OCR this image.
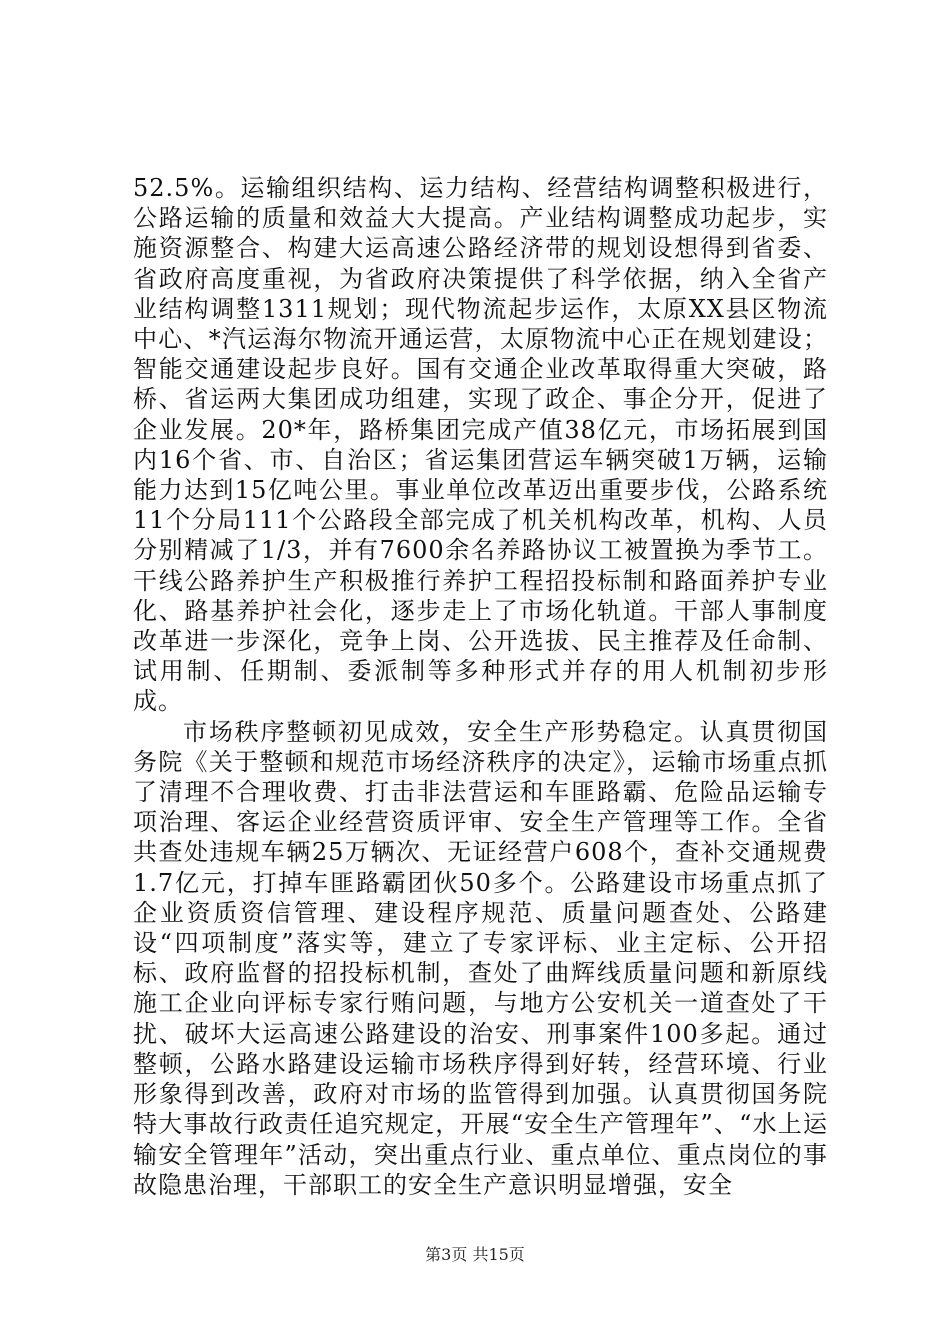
52.5%。运输组织结构、运力结构、经营结构调整积极进行，公路运输的质量和效益大大提高。产业结构调整成功起步，实施资源整合、构建大运高速公路经济带的规划设想得到省委、省政府高度重视，为省政府决策提供了科学依据，纳入全省产业结构调整1311规划；现代物流起步运作，太原XX县区物流中心、*汽运海尔物流开通运营，太原物流中心正在规划建设；智能交通建设起步良好。国有交通企业改革取得重大突破，路桥、省运两大集团成功组建，实现了政企、事企分开，促进了企业发展。20*年，路桥集团完成产值38亿元，市场拓展到国内16个省、市、自治区；省运集团营运车辆突破1万辆，运输能力达到15亿吨公里。事业单位改革迈出重要步伐，公路系统11个分局111个公路段全部完成了机关机构改革，机构、人员分别精减了1/3，并有7600余名养路协议工被置换为季节工。干线公路养护生产积极推行养护工程招投标制和路面养护专业化、路基养护社会化，逐步走上了市场化轨道。干部人事制度改革进一步深化，竞争上岗、公开选拔、民主推荐及任命制、试用制、任期制、委派制等多种形式并存的用人机制初步形成。

市场秩序整顿初见成效，安全生产形势稳定。认真贯彻国务院《关于整顿和规范市场经济秩序的决定》，运输市场重点抓了清理不合理收费、打击非法营运和车匪路霸、危险品运输专项治理、客运企业经营资质评审、安全生产管理等工作。全省共查处违规车辆25万辆次、无证经营户608个，查补交通规费1.7亿元，打掉车匪路霸团伙50多个。公路建设市场重点抓了企业资质资信管理、建设程序规范、质量问题查处、公路建设“四项制度”落实等，建立了专家评标、业主定标、公开招标、政府监督的招投标机制，查处了曲辉线质量问题和新原线施工企业向评标专家行贿问题，与地方公安机关一道查处了干扰、破坏大运高速公路建设的治安、刑事案件100多起。通过整顿，公路水路建设运输市场秩序得到好转，经营环境、行业形象得到改善，政府对市场的监管得到加强。认真贯彻国务院特大事故行政责任追究规定，开展“安全生产管理年”、“水上运输安全管理年”活动，突出重点行业、重点单位、重点岗位的事故隐患治理，干部职工的安全生产意识明显增强，安全

第3页 共15页
